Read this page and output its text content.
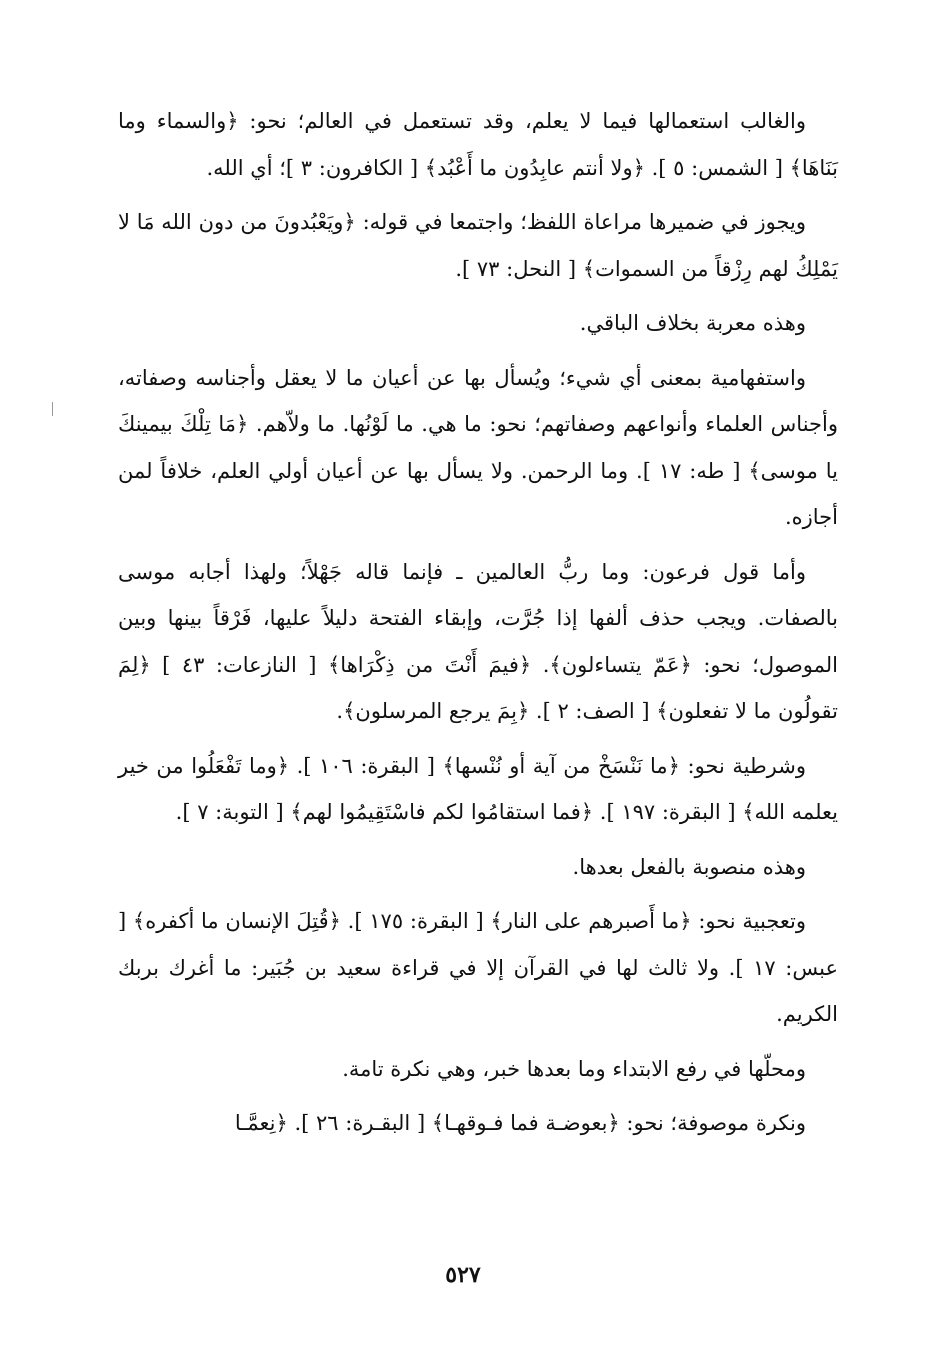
والغالب استعمالها فيما لا يعلم، وقد تستعمل في العالم؛ نحو: ﴿والسماء وما بَنَاهَا﴾ [ الشمس: ٥ ]. ﴿ولا أنتم عابِدُون ما أَعْبُد﴾ [ الكافرون: ٣ ]؛ أي الله.

ويجوز في ضميرها مراعاة اللفظ؛ واجتمعا في قوله: ﴿ويَعْبُدونَ من دون الله مَا لا يَمْلِكُ لهم رِزْقاً من السموات﴾ [ النحل: ٧٣ ].

وهذه معربة بخلاف الباقي.

واستفهامية بمعنى أي شيء؛ ويُسأل بها عن أعيان ما لا يعقل وأجناسه وصفاته، وأجناس العلماء وأنواعهم وصفاتهم؛ نحو: ما هي. ما لَوْنُها. ما ولاّهم. ﴿مَا تِلْكَ بيمينكَ يا موسى﴾ [ طه: ١٧ ]. وما الرحمن. ولا يسأل بها عن أعيان أولي العلم، خلافاً لمن أجازه.

وأما قول فرعون: وما ربُّ العالمين ـ فإنما قاله جَهْلاً؛ ولهذا أجابه موسى بالصفات. ويجب حذف ألفها إذا جُرَّت، وإبقاء الفتحة دليلاً عليها، فَرْقاً بينها وبين الموصول؛ نحو: ﴿عَمّ يتساءلون﴾. ﴿فيمَ أَنْتَ من ذِكْرَاها﴾ [ النازعات: ٤٣ ] ﴿لِمَ تقولُون ما لا تفعلون﴾ [ الصف: ٢ ]. ﴿بِمَ يرجع المرسلون﴾.

وشرطية نحو: ﴿ما نَنْسَخْ من آية أو نُنْسها﴾ [ البقرة: ١٠٦ ]. ﴿وما تَفْعَلُوا من خير يعلمه الله﴾ [ البقرة: ١٩٧ ]. ﴿فما استقامُوا لكم فاسْتَقِيمُوا لهم﴾ [ التوبة: ٧ ].

وهذه منصوبة بالفعل بعدها.

وتعجبية نحو: ﴿ما أَصبرهم على النار﴾ [ البقرة: ١٧٥ ]. ﴿قُتِلَ الإنسان ما أكفره﴾ [ عبس: ١٧ ]. ولا ثالث لها في القرآن إلا في قراءة سعيد بن جُبَير: ما أغرك بربك الكريم.

ومحلّها في رفع الابتداء وما بعدها خبر، وهي نكرة تامة.

ونكرة موصوفة؛ نحو: ﴿بعوضـة فما فـوقهـا﴾ [ البقـرة: ٢٦ ]. ﴿نِعمَّـا

٥٢٧
